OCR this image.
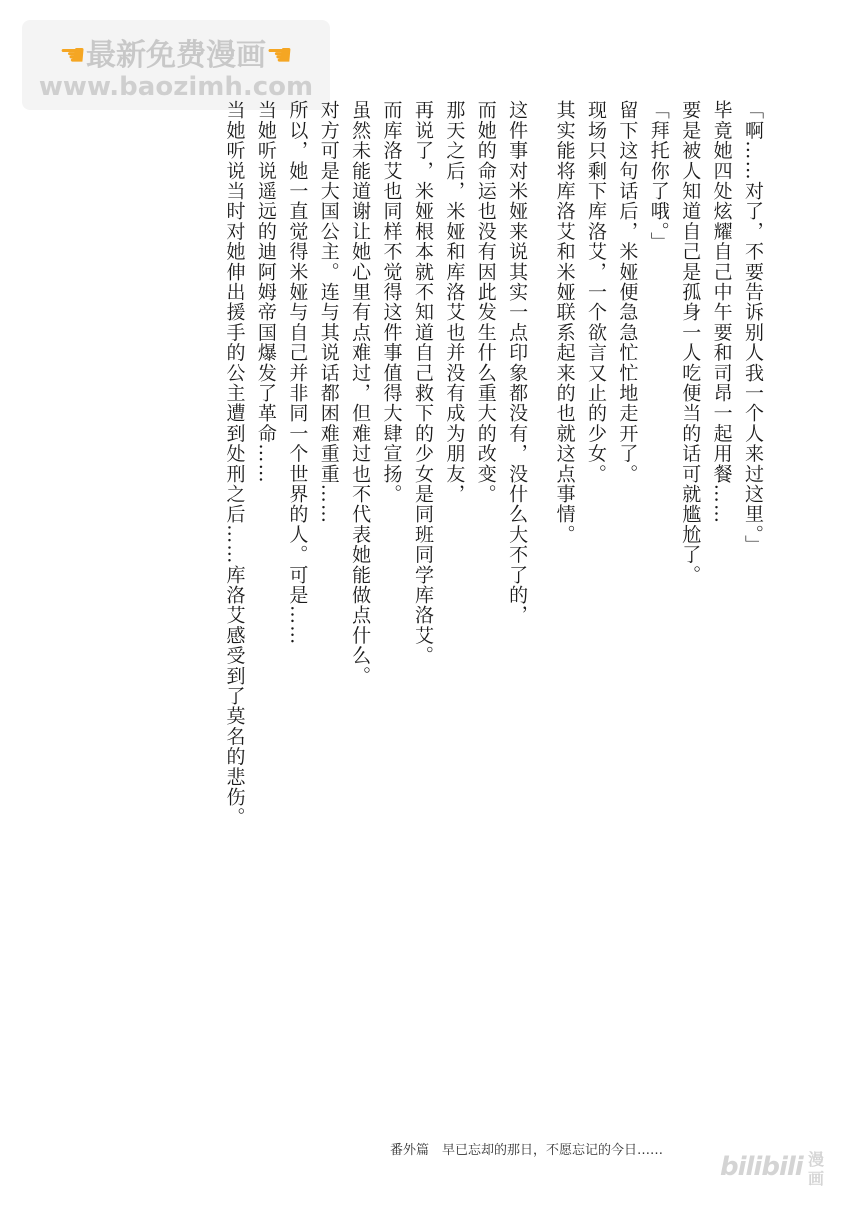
☚最新免费漫画☚
www.baozimh.com
「啊……对了，不要告诉别人我一个人来过这里。」
毕竟她四处炫耀自己中午要和司昂一起用餐……
要是被人知道自己是孤身一人吃便当的话可就尴尬了。
「拜托你了哦。」
留下这句话后，米娅便急急忙忙地走开了。
现场只剩下库洛艾，一个欲言又止的少女。
其实能将库洛艾和米娅联系起来的也就这点事情。
这件事对米娅来说其实一点印象都没有，没什么大不了的，
而她的命运也没有因此发生什么重大的改变。
那天之后，米娅和库洛艾也并没有成为朋友，
再说了，米娅根本就不知道自己救下的少女是同班同学库洛艾。
而库洛艾也同样不觉得这件事值得大肆宣扬。
虽然未能道谢让她心里有点难过，但难过也不代表她能做点什么。
对方可是大国公主。连与其说话都困难重重……
所以，她一直觉得米娅与自己并非同一个世界的人。可是……
当她听说遥远的迪阿姆帝国爆发了革命……
当她听说当时对她伸出援手的公主遭到处刑之后……库洛艾感受到了莫名的悲伤。
番外篇　早已忘却的那日，不愿忘记的今日……
bilibili 漫画
